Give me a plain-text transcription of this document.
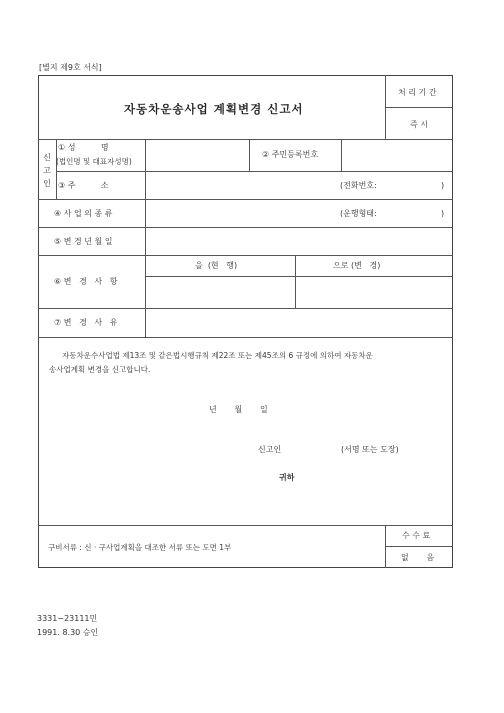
[별지 제9호 서식]
자동차운송사업 계획변경 신고서
처 리 기 간
즉 시
신
고
인
① 성          명
(법인명 및 대표자성명)
② 주민등록번호
③ 주          소	(전화번호:	)
④ 사 업 의 종 류	(운행형태:	)
⑤ 변 경 년 월 일
⑥ 변   경   사   항
을  (현   행)	으로 (변   경)
⑦ 변   경   사   유
자동차운수사업법 제13조 및 같은법시행규칙 제22조 또는 제45조의 6 규정에 의하여 자동차운
송사업계획 변경을 신고합니다.
년       월       일
신고인	(서명 또는 도장)
귀하
구비서류 : 신 · 구사업계획을 대조한 서류 또는 도면 1부
수 수 료
없       음
3331−23111민
1991. 8.30 승인
